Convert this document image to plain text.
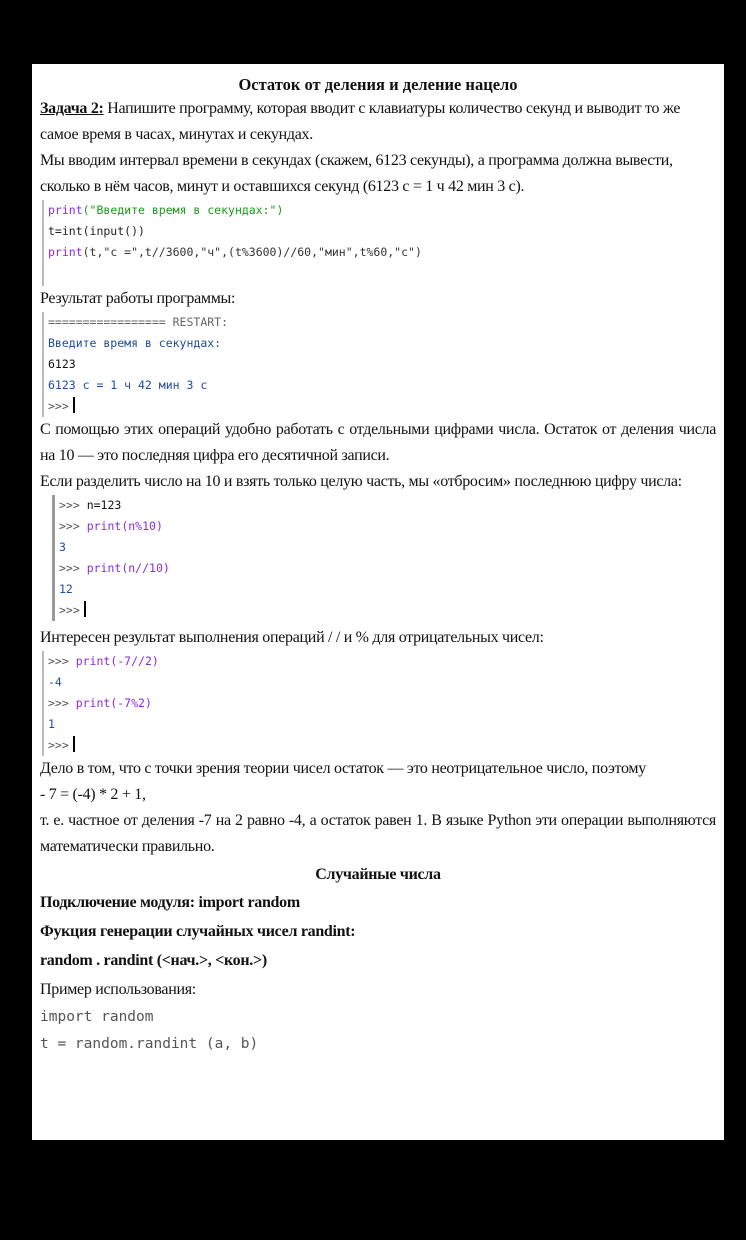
Остаток от деления и деление нацело
Задача 2: Напишите программу, которая вводит с клавиатуры количество секунд и выводит то же самое время в часах, минутах и секундах.
Мы вводим интервал времени в секундах (скажем, 6123 секунды), а программа должна вывести, сколько в нём часов, минут и оставшихся секунд (6123 с = 1 ч 42 мин 3 с).
print("Введите время в секундах:")
t=int(input())
print(t,"с =",t//3600,"ч",(t%3600)//60,"мин",t%60,"с")
Результат работы программы:
================= RESTART:
Введите время в секундах:
6123
6123 с = 1 ч 42 мин 3 с
>>>
С помощью этих операций удобно работать с отдельными цифрами числа. Остаток от деления числа на 10 — это последняя цифра его десятичной записи.
Если разделить число на 10 и взять только целую часть, мы «отбросим» последнюю цифру числа:
>>> n=123
>>> print(n%10)
3
>>> print(n//10)
12
>>>
Интересен результат выполнения операций / / и % для отрицательных чисел:
>>> print(-7//2)
-4
>>> print(-7%2)
1
>>>
Дело в том, что с точки зрения теории чисел остаток — это неотрицательное число, поэтому
- 7 = (-4) * 2 + 1,
т. е. частное от деления -7 на 2 равно -4, а остаток равен 1. В языке Python эти операции выполняются математически правильно.
Случайные числа
Подключение модуля: import random
Фукция генерации случайных чисел randint:
random . randint (<нач.>, <кон.>)
Пример использования:
import random
t = random.randint (a, b)
